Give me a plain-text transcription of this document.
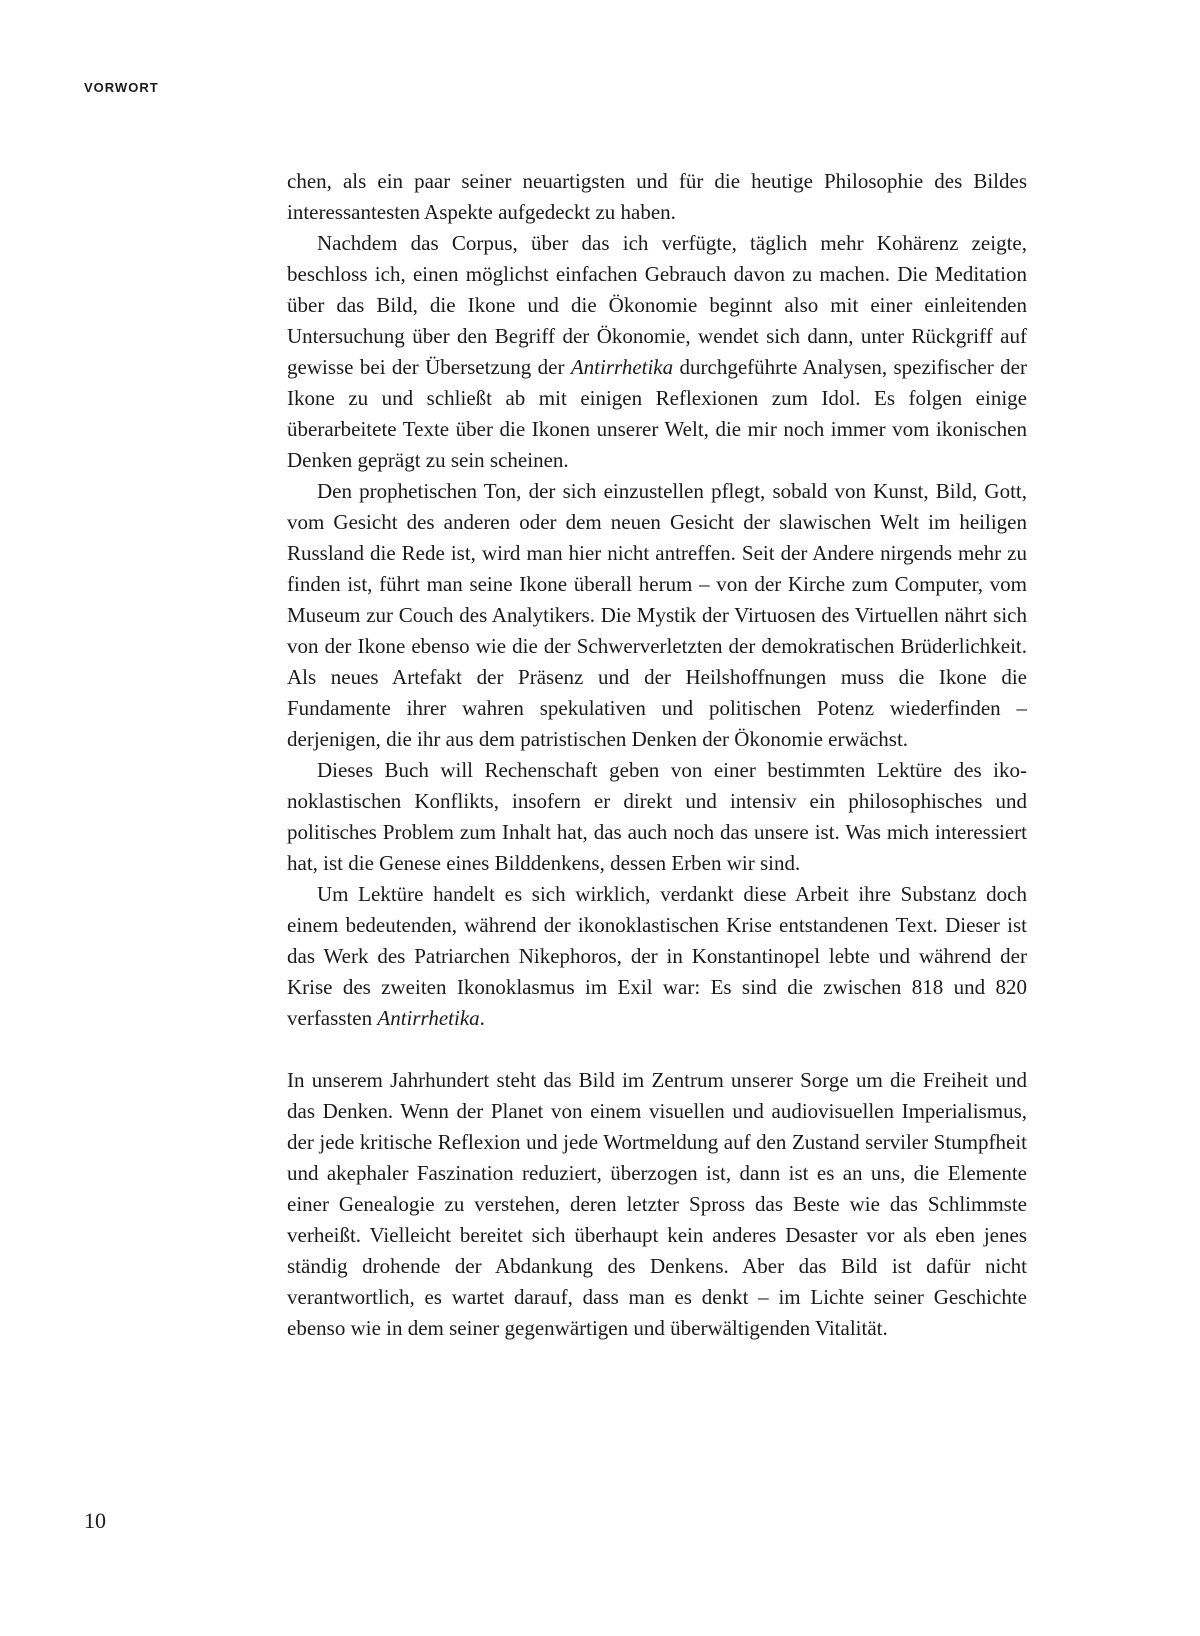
VORWORT

chen, als ein paar seiner neuartigsten und für die heutige Philosophie des Bildes interessantesten Aspekte aufgedeckt zu haben.

Nachdem das Corpus, über das ich verfügte, täglich mehr Kohärenz zeigte, beschloss ich, einen möglichst einfachen Gebrauch davon zu machen. Die Meditation über das Bild, die Ikone und die Ökonomie beginnt also mit einer einleitenden Untersuchung über den Begriff der Ökonomie, wendet sich dann, unter Rückgriff auf gewisse bei der Übersetzung der Antirrhetika durchgeführte Analysen, spezifischer der Ikone zu und schließt ab mit einigen Reflexionen zum Idol. Es folgen einige überarbeitete Texte über die Ikonen unserer Welt, die mir noch immer vom ikonischen Denken geprägt zu sein scheinen.

Den prophetischen Ton, der sich einzustellen pflegt, sobald von Kunst, Bild, Gott, vom Gesicht des anderen oder dem neuen Gesicht der slawischen Welt im heiligen Russland die Rede ist, wird man hier nicht antreffen. Seit der Andere nirgends mehr zu finden ist, führt man seine Ikone überall herum – von der Kirche zum Computer, vom Museum zur Couch des Analytikers. Die Mystik der Virtuosen des Virtuellen nährt sich von der Ikone ebenso wie die der Schwerverletzten der demokratischen Brüderlichkeit. Als neues Artefakt der Präsenz und der Heilshoffnungen muss die Ikone die Fundamente ihrer wahren spekulativen und politischen Potenz wiederfinden – derjenigen, die ihr aus dem patristischen Denken der Ökonomie erwächst.

Dieses Buch will Rechenschaft geben von einer bestimmten Lektüre des ikonoklastischen Konflikts, insofern er direkt und intensiv ein philosophisches und politisches Problem zum Inhalt hat, das auch noch das unsere ist. Was mich interessiert hat, ist die Genese eines Bilddenkens, dessen Erben wir sind.

Um Lektüre handelt es sich wirklich, verdankt diese Arbeit ihre Substanz doch einem bedeutenden, während der ikonoklastischen Krise entstandenen Text. Dieser ist das Werk des Patriarchen Nikephoros, der in Konstantinopel lebte und während der Krise des zweiten Ikonoklasmus im Exil war: Es sind die zwischen 818 und 820 verfassten Antirrhetika.

In unserem Jahrhundert steht das Bild im Zentrum unserer Sorge um die Freiheit und das Denken. Wenn der Planet von einem visuellen und audiovisuellen Imperialismus, der jede kritische Reflexion und jede Wortmeldung auf den Zustand serviler Stumpfheit und akephaler Faszination reduziert, überzogen ist, dann ist es an uns, die Elemente einer Genealogie zu verstehen, deren letzter Spross das Beste wie das Schlimmste verheißt. Vielleicht bereitet sich überhaupt kein anderes Desaster vor als eben jenes ständig drohende der Abdankung des Denkens. Aber das Bild ist dafür nicht verantwortlich, es wartet darauf, dass man es denkt – im Lichte seiner Geschichte ebenso wie in dem seiner gegenwärtigen und überwältigenden Vitalität.

10
